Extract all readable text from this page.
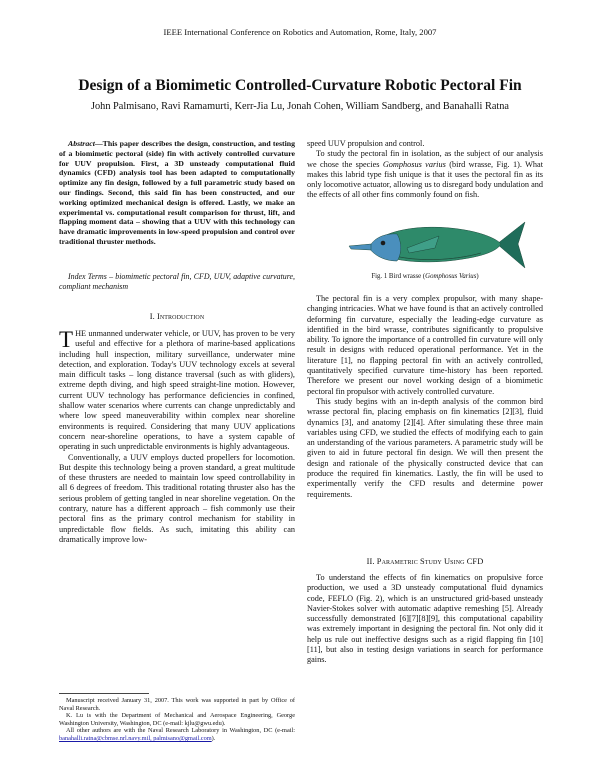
IEEE International Conference on Robotics and Automation, Rome, Italy, 2007
Design of a Biomimetic Controlled-Curvature Robotic Pectoral Fin
John Palmisano, Ravi Ramamurti, Kerr-Jia Lu, Jonah Cohen, William Sandberg, and Banahalli Ratna

Abstract—This paper describes the design, construction, and testing of a biomimetic pectoral (side) fin with actively controlled curvature for UUV propulsion. First, a 3D unsteady computational fluid dynamics (CFD) analysis tool has been adapted to computationally optimize any fin design, followed by a full parametric study based on our findings. Second, this said fin has been constructed, and our working optimized mechanical design is offered. Lastly, we make an experimental vs. computational result comparison for thrust, lift, and flapping moment data – showing that a UUV with this technology can have dramatic improvements in low-speed propulsion and control over traditional thruster methods.

Index Terms – biomimetic pectoral fin, CFD, UUV, adaptive curvature, compliant mechanism

I. Introduction

THE unmanned underwater vehicle, or UUV, has proven to be very useful and effective for a plethora of marine-based applications including hull inspection, military surveillance, underwater mine detection, and exploration. Today's UUV technology excels at several main difficult tasks – long distance traversal (such as with gliders), extreme depth diving, and high speed straight-line motion. However, current UUV technology has performance deficiencies in confined, shallow water scenarios where currents can change unpredictably and where low speed maneuverability within complex near shoreline environments is required. Considering that many UUV applications concern near-shoreline operations, to have a system capable of operating in such unpredictable environments is highly advantageous.

Conventionally, a UUV employs ducted propellers for locomotion. But despite this technology being a proven standard, a great multitude of these thrusters are needed to maintain low speed controllability in all 6 degrees of freedom. This traditional rotating thruster also has the serious problem of getting tangled in near shoreline vegetation. On the contrary, nature has a different approach – fish commonly use their pectoral fins as the primary control mechanism for stability in unpredictable flow fields. As such, imitating this ability can dramatically improve low-

Manuscript received January 31, 2007. This work was supported in part by Office of Naval Research.

K. Lu is with the Department of Mechanical and Aerospace Engineering, George Washington University, Washington, DC (e-mail: kjlu@gwu.edu).

All other authors are with the Naval Research Laboratory in Washington, DC (e-mail: banahalli.ratna@cbmse.nrl.navy.mil, palmisano@gmail.com).

speed UUV propulsion and control.

To study the pectoral fin in isolation, as the subject of our analysis we chose the species Gomphosus varius (bird wrasse, Fig. 1). What makes this labrid type fish unique is that it uses the pectoral fin as its only locomotive actuator, allowing us to disregard body undulation and the effects of all other fins commonly found on fish.

Fig. 1 Bird wrasse (Gomphosus Varius)

The pectoral fin is a very complex propulsor, with many shape-changing intricacies. What we have found is that an actively controlled deforming fin curvature, especially the leading-edge curvature as identified in the bird wrasse, contributes significantly to propulsive ability. To ignore the importance of a controlled fin curvature will only result in designs with reduced operational performance. Yet in the literature [1], no flapping pectoral fin with an actively controlled, quantitatively specified curvature time-history has been reported. Therefore we present our novel working design of a biomimetic pectoral fin propulsor with actively controlled curvature.

This study begins with an in-depth analysis of the common bird wrasse pectoral fin, placing emphasis on fin kinematics [2][3], fluid dynamics [3], and anatomy [2][4]. After simulating these three main variables using CFD, we studied the effects of modifying each to gain an understanding of the various parameters. A parametric study will be given to aid in future pectoral fin design. We will then present the design and rationale of the physically constructed device that can produce the required fin kinematics. Lastly, the fin will be used to experimentally verify the CFD results and determine power requirements.

II. Parametric Study Using CFD

To understand the effects of fin kinematics on propulsive force production, we used a 3D unsteady computational fluid dynamics code, FEFLO (Fig. 2), which is an unstructured grid-based unsteady Navier-Stokes solver with automatic adaptive remeshing [5]. Already successfully demonstrated [6][7][8][9], this computational capability was extremely important in designing the pectoral fin. Not only did it help us rule out ineffective designs such as a rigid flapping fin [10][11], but also in testing design variations in search for performance gains.
